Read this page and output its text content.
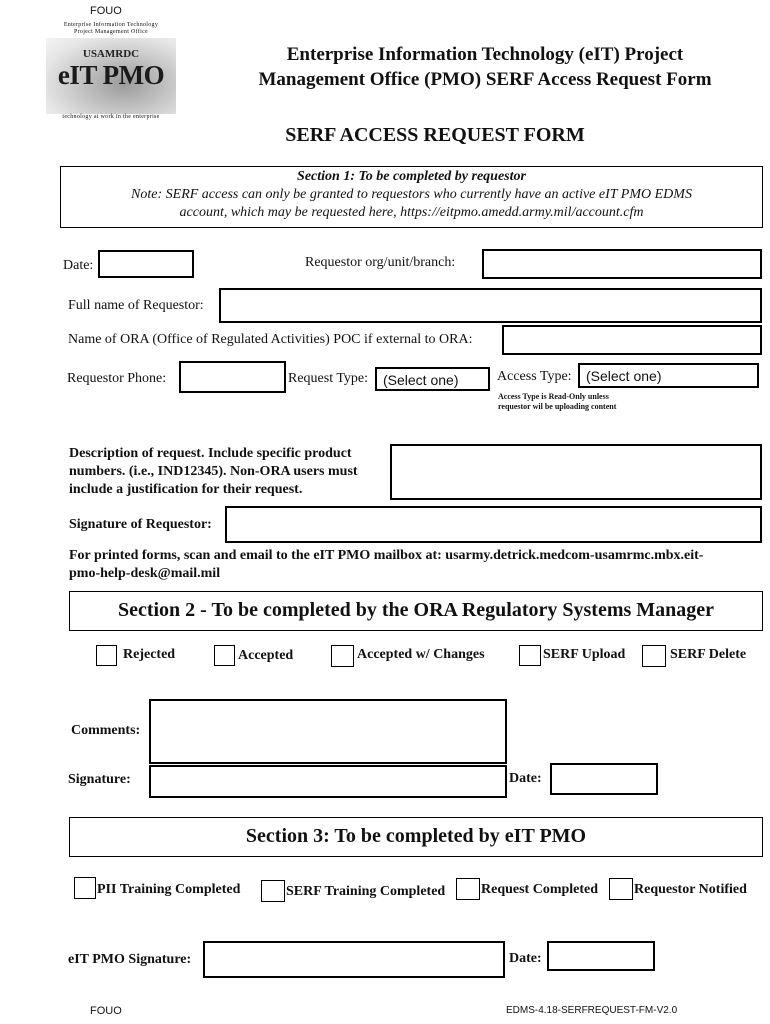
FOUO
Enterprise Information Technology
Project Management Office
USAMRDC
eIT PMO
technology at work in the enterprise
Enterprise Information Technology (eIT) Project
Management Office (PMO) SERF Access Request Form
SERF ACCESS REQUEST FORM
Section 1: To be completed by requestor
Note: SERF access can only be granted to requestors who currently have an active eIT PMO EDMS
account, which may be requested here, https://eitpmo.amedd.army.mil/account.cfm
Date:	Requestor org/unit/branch:
Full name of Requestor:
Name of ORA (Office of Regulated Activities) POC if external to ORA:
Requestor Phone:	Request Type:	(Select one)	Access Type:	(Select one)
Access Type is Read-Only unless
requestor wil be uploading content
Description of request. Include specific product
numbers. (i.e., IND12345). Non-ORA users must
include a justification for their request.
Signature of Requestor:
For printed forms, scan and email to the eIT PMO mailbox at: usarmy.detrick.medcom-usamrmc.mbx.eit-
pmo-help-desk@mail.mil
Section 2 - To be completed by the ORA Regulatory Systems Manager
Rejected	Accepted	Accepted w/ Changes	SERF Upload	SERF Delete
Comments:
Signature:	Date:
Section 3: To be completed by eIT PMO
PII Training Completed	SERF Training Completed	Request Completed	Requestor Notified
eIT PMO Signature:	Date:
FOUO	EDMS-4.18-SERFREQUEST-FM-V2.0
